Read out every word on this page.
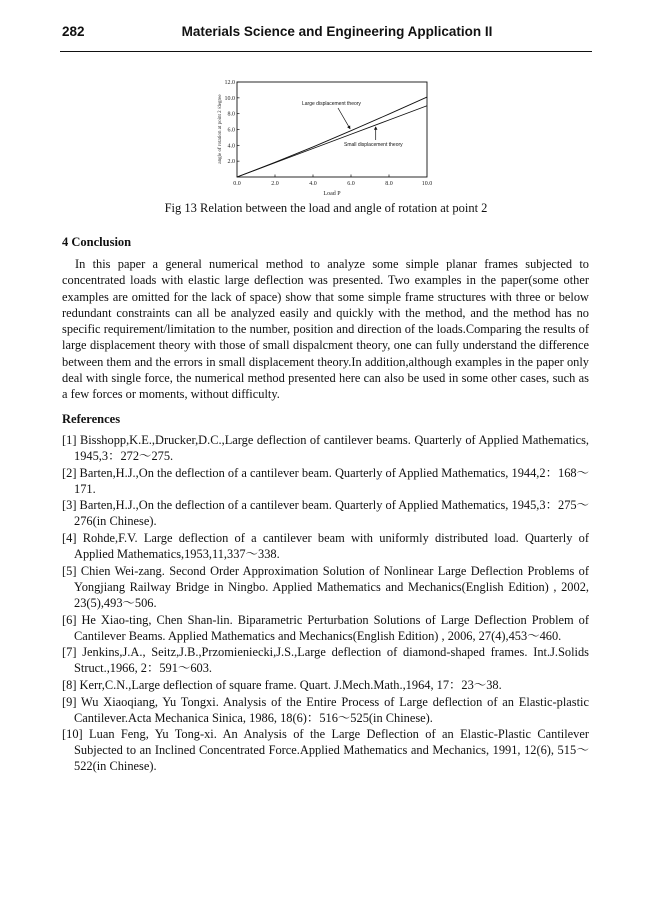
282	Materials Science and Engineering Application II
angle of rotation at point 2 /degree
Load P
0.0	2.0	4.0	6.0	8.0	10.0
2.0
4.0
6.0
8.0
10.0
12.0
Large displacement theory
Small displacement theory
Fig 13 Relation between the load and angle of rotation at point 2
4 Conclusion

In this paper a general numerical method to analyze some simple planar frames subjected to concentrated loads with elastic large deflection was presented. Two examples in the paper(some other examples are omitted for the lack of space) show that some simple frame structures with three or below redundant constraints can all be analyzed easily and quickly with the method, and the method has no specific requirement/limitation to the number, position and direction of the loads.Comparing the results of large displacement theory with those of small dispalcment theory, one can fully understand the difference between them and the errors in small displacement theory.In addition,although examples in the paper only deal with single force, the numerical method presented here can also be used in some other cases, such as a few forces or moments, without difficulty.

References
[1] Bisshopp,K.E.,Drucker,D.C.,Large deflection of cantilever beams. Quarterly of Applied Mathematics, 1945,3：272～275.
[2] Barten,H.J.,On the deflection of a cantilever beam. Quarterly of Applied Mathematics, 1944,2：168～171.
[3] Barten,H.J.,On the deflection of a cantilever beam. Quarterly of Applied Mathematics, 1945,3：275～276(in Chinese).
[4] Rohde,F.V. Large deflection of a cantilever beam with uniformly distributed load. Quarterly of Applied Mathematics,1953,11,337～338.
[5] Chien Wei-zang. Second Order Approximation Solution of Nonlinear Large Deflection Problems of Yongjiang Railway Bridge in Ningbo. Applied Mathematics and Mechanics(English Edition) , 2002, 23(5),493～506.
[6] He Xiao-ting, Chen Shan-lin. Biparametric Perturbation Solutions of Large Deflection Problem of Cantilever Beams. Applied Mathematics and Mechanics(English Edition) , 2006, 27(4),453～460.
[7] Jenkins,J.A., Seitz,J.B.,Przomieniecki,J.S.,Large deflection of diamond-shaped frames. Int.J.Solids Struct.,1966, 2：591～603.
[8] Kerr,C.N.,Large deflection of square frame. Quart. J.Mech.Math.,1964, 17：23～38.
[9] Wu Xiaoqiang, Yu Tongxi. Analysis of the Entire Process of Large deflection of an Elastic-plastic Cantilever.Acta Mechanica Sinica, 1986, 18(6)：516～525(in Chinese).
[10] Luan Feng, Yu Tong-xi. An Analysis of the Large Deflection of an Elastic-Plastic Cantilever Subjected to an Inclined Concentrated Force.Applied Mathematics and Mechanics, 1991, 12(6), 515～522(in Chinese).
